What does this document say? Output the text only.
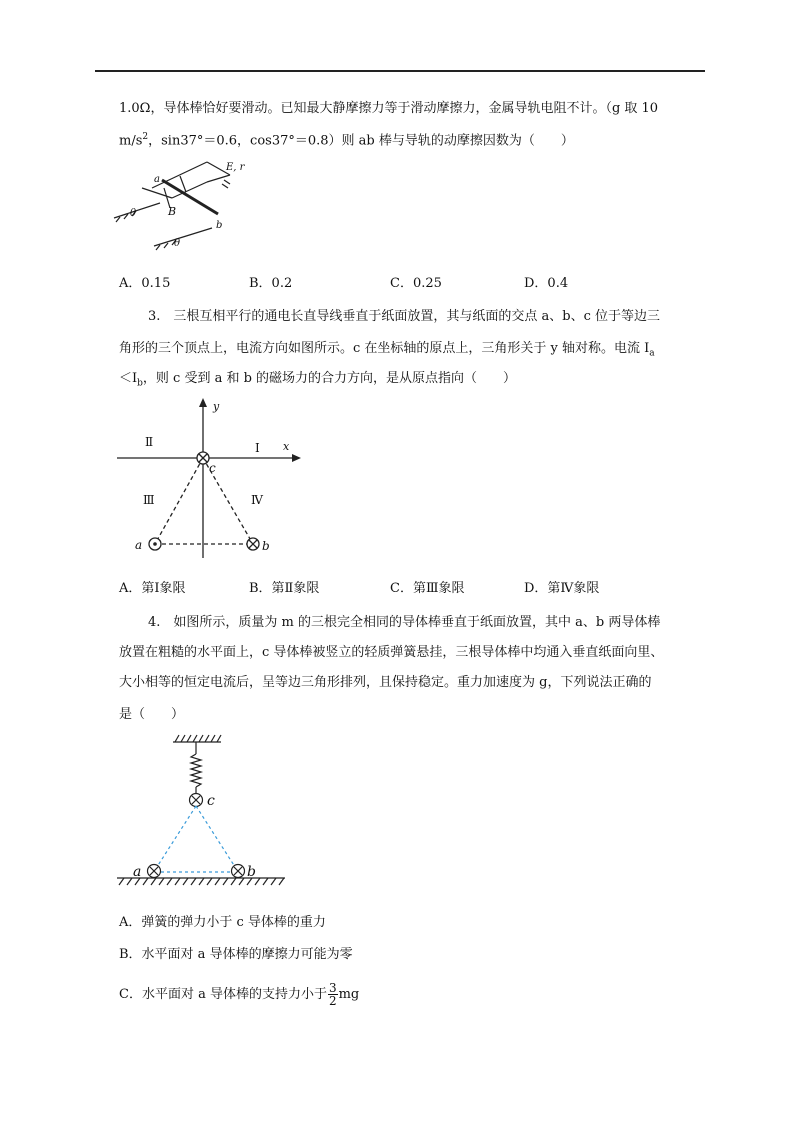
1.0Ω，导体棒恰好要滑动。已知最大静摩擦力等于滑动摩擦力，金属导轨电阻不计。（g 取 10
$m/s^2$，sin37°＝0.6，cos37°＝0.8）则 ab 棒与导轨的动摩擦因数为（　　）
a
b
B
E, r
θ
θ
A．0.15	B．0.2	C．0.25	D．0.4
3.　三根互相平行的通电长直导线垂直于纸面放置，其与纸面的交点 a、b、c 位于等边三
角形的三个顶点上，电流方向如图所示。c 在坐标轴的原点上，三角形关于 y 轴对称。电流 $I_a$
$<I_b$，则 c 受到 a 和 b 的磁场力的合力方向，是从原点指向（　　）
y
x
Ⅰ
Ⅱ
Ⅲ	Ⅳ
a	b
c
A．第Ⅰ象限	B．第Ⅱ象限	C．第Ⅲ象限	D．第Ⅳ象限
4.　如图所示，质量为 m 的三根完全相同的导体棒垂直于纸面放置，其中 a、b 两导体棒
放置在粗糙的水平面上，c 导体棒被竖立的轻质弹簧悬挂，三根导体棒中均通入垂直纸面向里、
大小相等的恒定电流后，呈等边三角形排列，且保持稳定。重力加速度为 g，下列说法正确的
是（　　）
c
a	b
A．弹簧的弹力小于 c 导体棒的重力
B．水平面对 a 导体棒的摩擦力可能为零
C．水平面对 a 导体棒的支持力小于 $\frac{3}{2}$ mg
